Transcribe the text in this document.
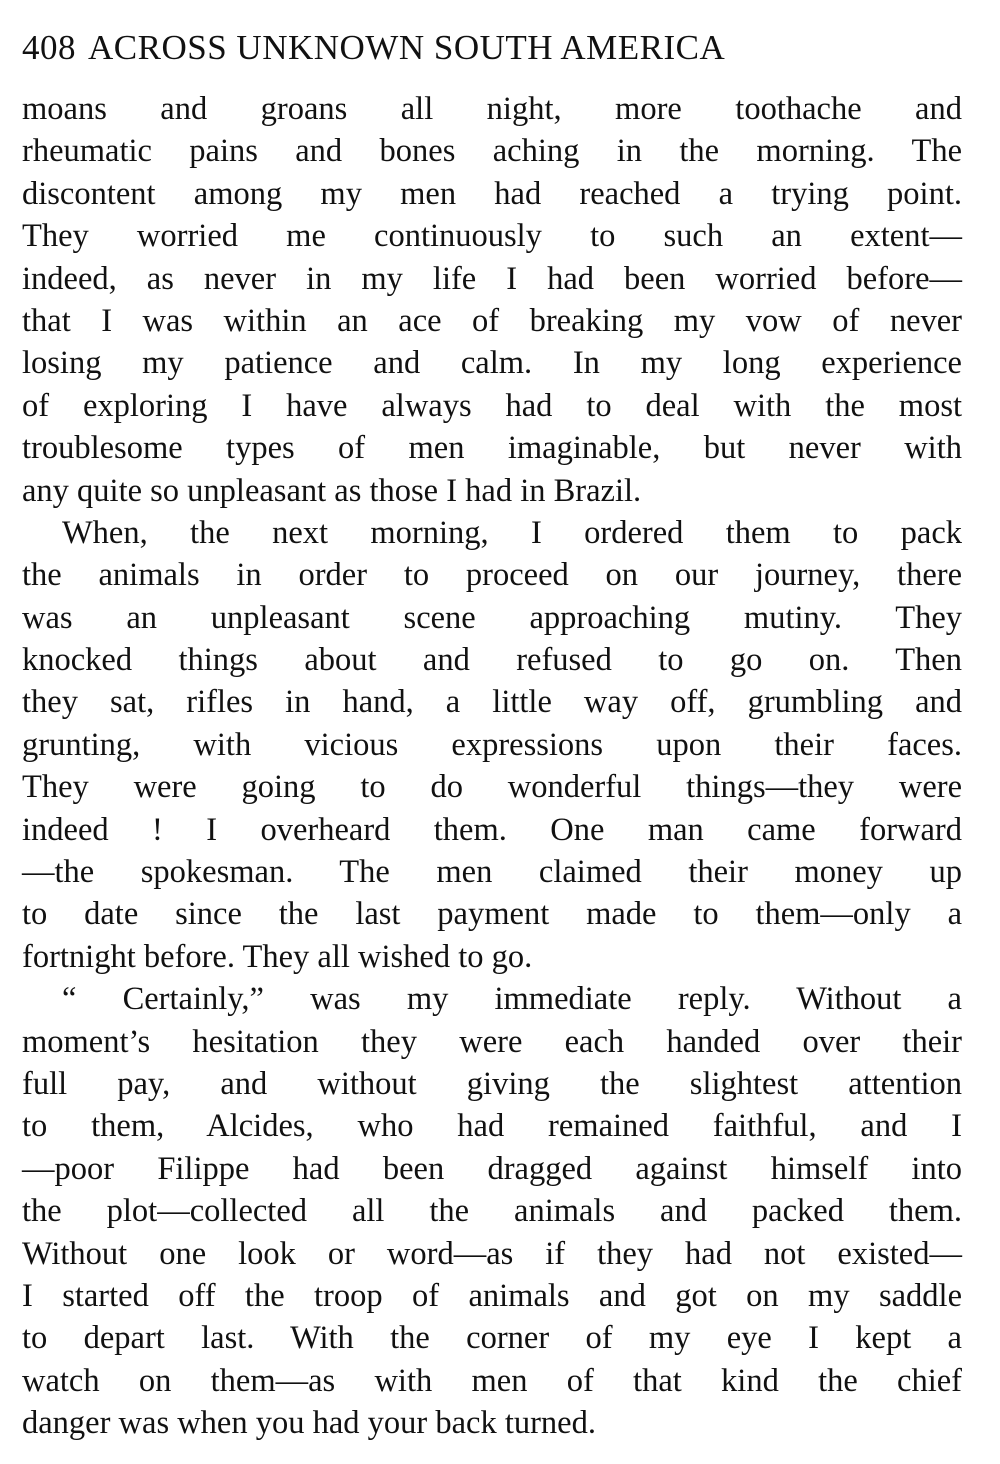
408 ACROSS UNKNOWN SOUTH AMERICA
moans and groans all night, more toothache and
rheumatic pains and bones aching in the morning. The
discontent among my men had reached a trying point.
They worried me continuously to such an extent—
indeed, as never in my life I had been worried before—
that I was within an ace of breaking my vow of never
losing my patience and calm. In my long experience
of exploring I have always had to deal with the most
troublesome types of men imaginable, but never with
any quite so unpleasant as those I had in Brazil.
When, the next morning, I ordered them to pack
the animals in order to proceed on our journey, there
was an unpleasant scene approaching mutiny. They
knocked things about and refused to go on. Then
they sat, rifles in hand, a little way off, grumbling and
grunting, with vicious expressions upon their faces.
They were going to do wonderful things—they were
indeed ! I overheard them. One man came forward
—the spokesman. The men claimed their money up
to date since the last payment made to them—only a
fortnight before. They all wished to go.
“ Certainly,” was my immediate reply. Without a
moment’s hesitation they were each handed over their
full pay, and without giving the slightest attention
to them, Alcides, who had remained faithful, and I
—poor Filippe had been dragged against himself into
the plot—collected all the animals and packed them.
Without one look or word—as if they had not existed—
I started off the troop of animals and got on my saddle
to depart last. With the corner of my eye I kept a
watch on them—as with men of that kind the chief
danger was when you had your back turned.
